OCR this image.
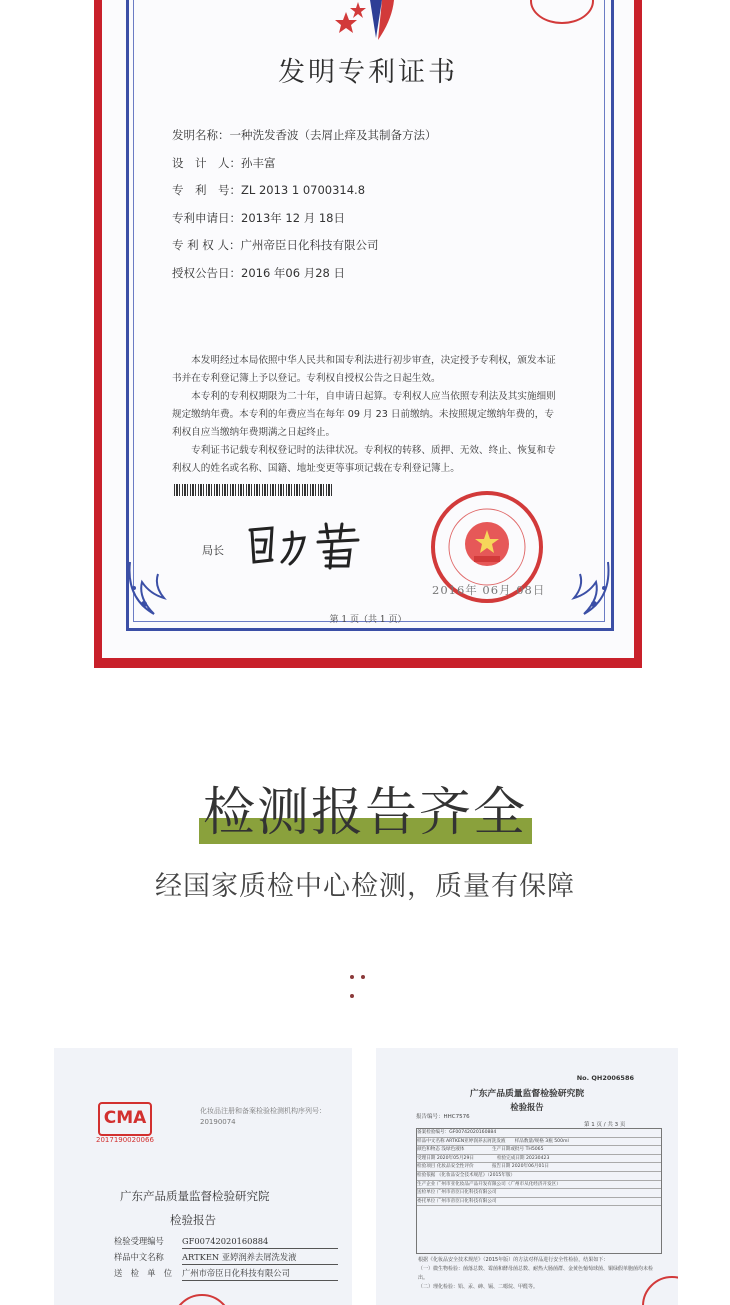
发明专利证书
发明名称：一种洗发香波（去屑止痒及其制备方法）
设　计　人：孙丰富
专　利　号：ZL 2013 1 0700314.8
专利申请日：2013年 12 月 18日
专 利 权 人：广州帝臣日化科技有限公司
授权公告日：2016 年06 月28 日

　　本发明经过本局依照中华人民共和国专利法进行初步审查，决定授予专利权，颁发本证书并在专利登记簿上予以登记。专利权自授权公告之日起生效。

　　本专利的专利权期限为二十年，自申请日起算。专利权人应当依照专利法及其实施细则规定缴纳年费。本专利的年费应当在每年 09 月 23 日前缴纳。未按照规定缴纳年费的，专利权自应当缴纳年费期满之日起终止。

　　专利证书记载专利权登记时的法律状况。专利权的转移、质押、无效、终止、恢复和专利权人的姓名或名称、国籍、地址变更等事项记载在专利登记簿上。

局长
2016年 06月 08日
第 1 页（共 1 页）
检测报告齐全
经国家质检中心检测，质量有保障
CMA
2017190020066
化妆品注册和备案检验检测机构序列号：20190074
广东产品质量监督检验研究院
检验报告
检验受理编号 GF00742020160884
样品中文名称 ARTKEN 亚婷润养去屑洗发液
送　检　单　位 广州市帝臣日化科技有限公司
No. QH2006586
广东产品质量监督检验研究院
检验报告
报告编号：HHC7576
第 1 页 / 共 3 页
备案检验编号：GF00742020160884
样品中文名称 ARTKEN亚婷润养去屑洗发液　　样品数量/规格 3瓶 500ml
颜色和物态 浅绿色液体　　　　　　生产日期或批号 TH5065
受理日期 2020年05月29日　　　　　检验完成日期 20230423
检验项目 化妆品安全性评价　　　　报告日期 2020年06月01日
检验依据 《化妆品安全技术规范》（2015年版）
生产企业 广州市亚化妆品产品开发有限公司（广州市从化经济开发区）
送检单位 广州市帝臣日化科技有限公司
委托单位 广州市帝臣日化科技有限公司
根据《化妆品安全技术规范》（2015年版）的方法对样品进行安全性检验，结果如下：
（一）微生物检验：菌落总数、霉菌和酵母菌总数、耐热大肠菌群、金黄色葡萄球菌、铜绿假单胞菌均未检出。
（二）理化检验：铅、汞、砷、镉、二噁烷、甲醛等。
